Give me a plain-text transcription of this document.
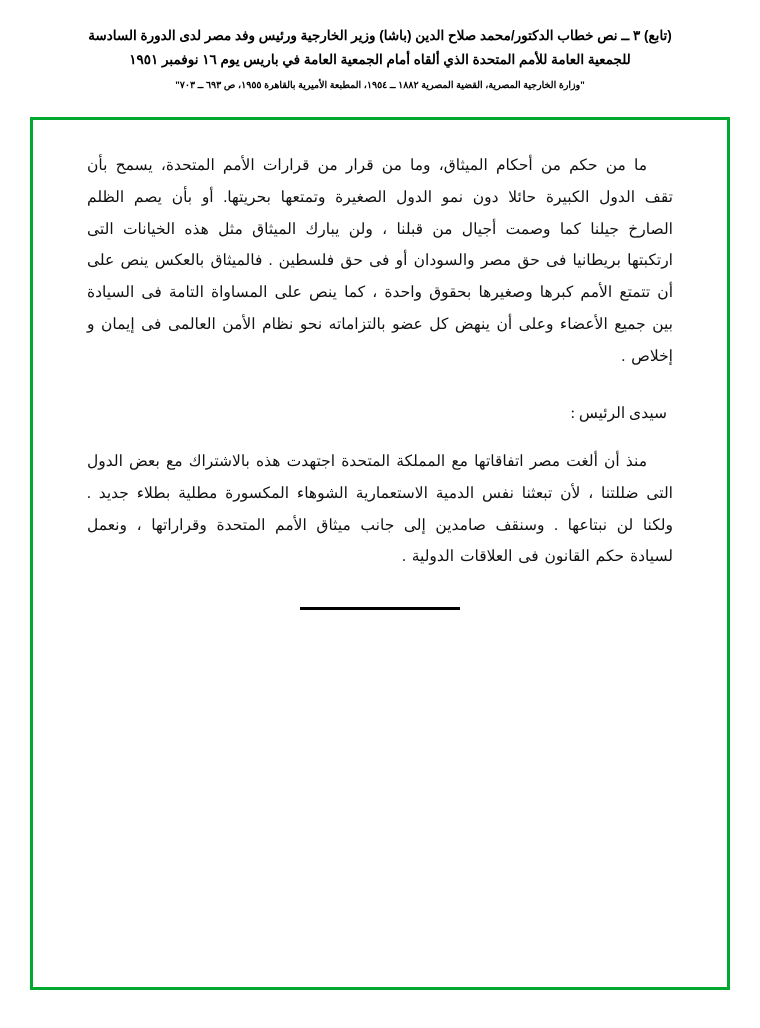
(تابع) ٣ ــ نص خطاب الدكتور/محمد صلاح الدين (باشا) وزير الخارجية ورئيس وفد مصر لدى الدورة السادسة
للجمعية العامة للأمم المتحدة الذي ألقاه أمام الجمعية العامة في باريس يوم ١٦ نوفمبر ١٩٥١
"وزارة الخارجية المصرية، القضية المصرية ١٨٨٢ ــ ١٩٥٤، المطبعة الأميرية بالقاهرة ١٩٥٥، ص ٦٩٣ ــ ٧٠٣"

ما من حكم من أحكام الميثاق، وما من قرار من قرارات الأمم المتحدة، يسمح بأن تقف الدول الكبيرة حائلا دون نمو الدول الصغيرة وتمتعها بحريتها. أو بأن يصم الظلم الصارخ جيلنا كما وصمت أجيال من قبلنا ، ولن يبارك الميثاق مثل هذه الخيانات التى ارتكبتها بريطانيا فى حق مصر والسودان أو فى حق فلسطين . فالميثاق بالعكس ينص على أن تتمتع الأمم كبرها وصغيرها بحقوق واحدة ، كما ينص على المساواة التامة فى السيادة بين جميع الأعضاء وعلى أن ينهض كل عضو بالتزاماته نحو نظام الأمن العالمى فى إيمان و إخلاص .

سيدى الرئيس :

منذ أن ألغت مصر اتفاقاتها مع المملكة المتحدة اجتهدت هذه بالاشتراك مع بعض الدول التى ضللتنا ، لأن تبعثنا نفس الدمية الاستعمارية الشوهاء المكسورة مطلية بطلاء جديد . ولكنا لن نبتاعها . وسنقف صامدين إلى جانب ميثاق الأمم المتحدة وقراراتها ، ونعمل لسيادة حكم القانون فى العلاقات الدولية .
